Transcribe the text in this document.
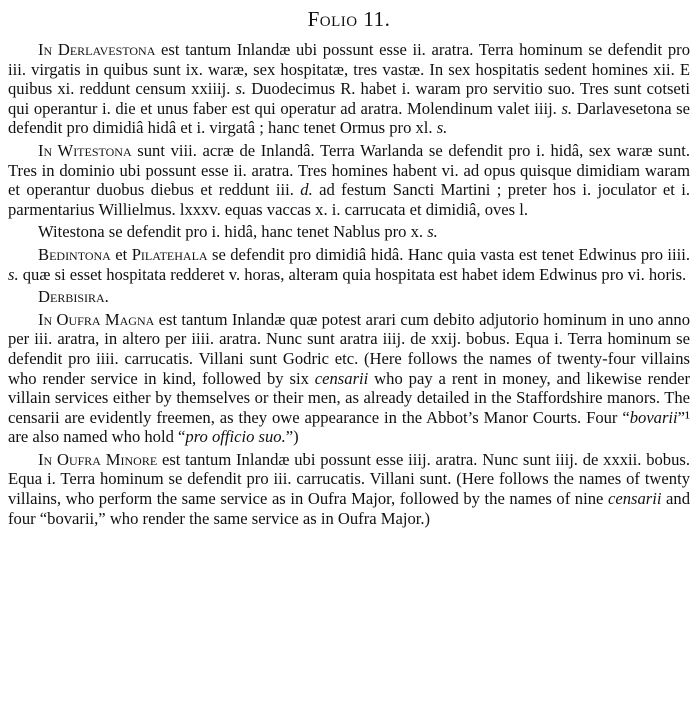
Folio 11.

In Derlavestona est tantum Inlandæ ubi possunt esse ii. aratra. Terra hominum se defendit pro iii. virgatis in quibus sunt ix. waræ, sex hospitatæ, tres vastæ. In sex hospitatis sedent homines xii. E quibus xi. reddunt censum xxiiij. s. Duodecimus R. habet i. waram pro servitio suo. Tres sunt cotseti qui operantur i. die et unus faber est qui operatur ad aratra. Molendinum valet iiij. s. Darlavesetona se defendit pro dimidiâ hidâ et i. virgatâ ; hanc tenet Ormus pro xl. s.

In Witestona sunt viii. acræ de Inlandâ. Terra Warlanda se defendit pro i. hidâ, sex waræ sunt. Tres in dominio ubi possunt esse ii. aratra. Tres homines habent vi. ad opus quisque dimidiam waram et operantur duobus diebus et reddunt iii. d. ad festum Sancti Martini ; preter hos i. joculator et i. parmentarius Willielmus. lxxxv. equas vaccas x. i. carrucata et dimidiâ, oves l.

Witestona se defendit pro i. hidâ, hanc tenet Nablus pro x. s.

Bedintona et Pilatehala se defendit pro dimidiâ hidâ. Hanc quia vasta est tenet Edwinus pro iiii. s. quæ si esset hospitata redderet v. horas, alteram quia hospitata est habet idem Edwinus pro vi. horis.

Derbisira.

In Oufra Magna est tantum Inlandæ quæ potest arari cum debito adjutorio hominum in uno anno per iii. aratra, in altero per iiii. aratra. Nunc sunt aratra iiij. de xxij. bobus. Equa i. Terra hominum se defendit pro iiii. carrucatis. Villani sunt Godric etc. (Here follows the names of twenty-four villains who render service in kind, followed by six censarii who pay a rent in money, and likewise render villain services either by themselves or their men, as already detailed in the Staffordshire manors. The censarii are evidently freemen, as they owe appearance in the Abbot’s Manor Courts. Four “bovarii”¹ are also named who hold “pro officio suo.”)

In Oufra Minore est tantum Inlandæ ubi possunt esse iiij. aratra. Nunc sunt iiij. de xxxii. bobus. Equa i. Terra hominum se defendit pro iii. carrucatis. Villani sunt. (Here follows the names of twenty villains, who perform the same service as in Oufra Major, followed by the names of nine censarii and four “bovarii,” who render the same service as in Oufra Major.)
